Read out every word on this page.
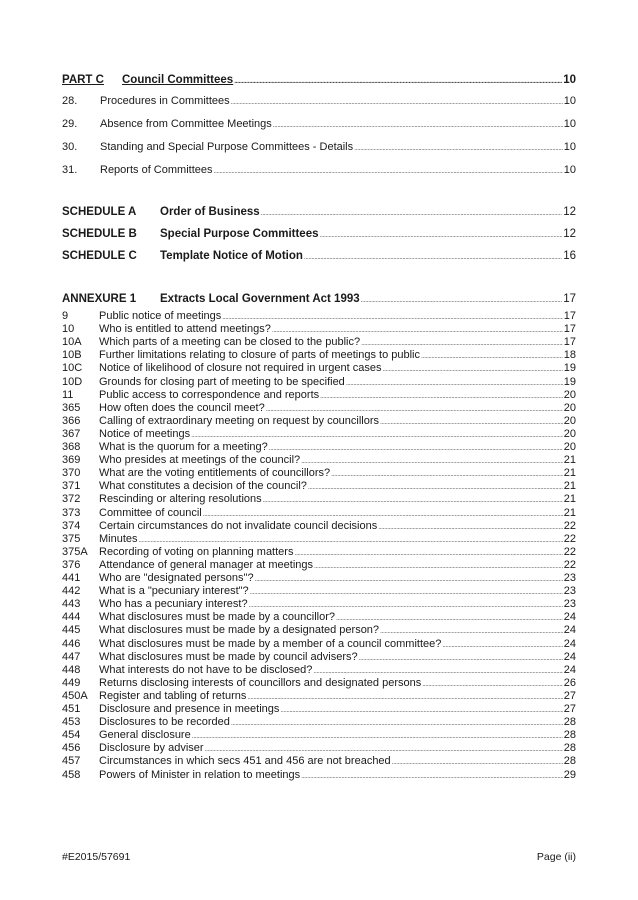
PART C	Council Committees . . .	10
28.	Procedures in Committees . . .	10
29.	Absence from Committee Meetings . . .	10
30.	Standing and Special Purpose Committees - Details . . .	10
31.	Reports of Committees . . .	10
SCHEDULE A	Order of Business . . .	12
SCHEDULE B	Special Purpose Committees . . .	12
SCHEDULE C	Template Notice of Motion . . .	16
ANNEXURE 1	Extracts Local Government Act 1993 . . .	17
9	Public notice of meetings . . .	17
10	Who is entitled to attend meetings? . . .	17
10A	Which parts of a meeting can be closed to the public? . . .	17
10B	Further limitations relating to closure of parts of meetings to public . . .	18
10C	Notice of likelihood of closure not required in urgent cases . . .	19
10D	Grounds for closing part of meeting to be specified . . .	19
11	Public access to correspondence and reports . . .	20
365	How often does the council meet? . . .	20
366	Calling of extraordinary meeting on request by councillors . . .	20
367	Notice of meetings . . .	20
368	What is the quorum for a meeting? . . .	20
369	Who presides at meetings of the council? . . .	21
370	What are the voting entitlements of councillors? . . .	21
371	What constitutes a decision of the council? . . .	21
372	Rescinding or altering resolutions . . .	21
373	Committee of council . . .	21
374	Certain circumstances do not invalidate council decisions . . .	22
375	Minutes . . .	22
375A	Recording of voting on planning matters . . .	22
376	Attendance of general manager at meetings . . .	22
441	Who are "designated persons"? . . .	23
442	What is a "pecuniary interest"? . . .	23
443	Who has a pecuniary interest? . . .	23
444	What disclosures must be made by a councillor? . . .	24
445	What disclosures must be made by a designated person? . . .	24
446	What disclosures must be made by a member of a council committee? . . .	24
447	What disclosures must be made by council advisers? . . .	24
448	What interests do not have to be disclosed? . . .	24
449	Returns disclosing interests of councillors and designated persons . . .	26
450A	Register and tabling of returns . . .	27
451	Disclosure and presence in meetings . . .	27
453	Disclosures to be recorded . . .	28
454	General disclosure . . .	28
456	Disclosure by adviser . . .	28
457	Circumstances in which secs 451 and 456 are not breached . . .	28
458	Powers of Minister in relation to meetings . . .	29
#E2015/57691	Page (ii)
